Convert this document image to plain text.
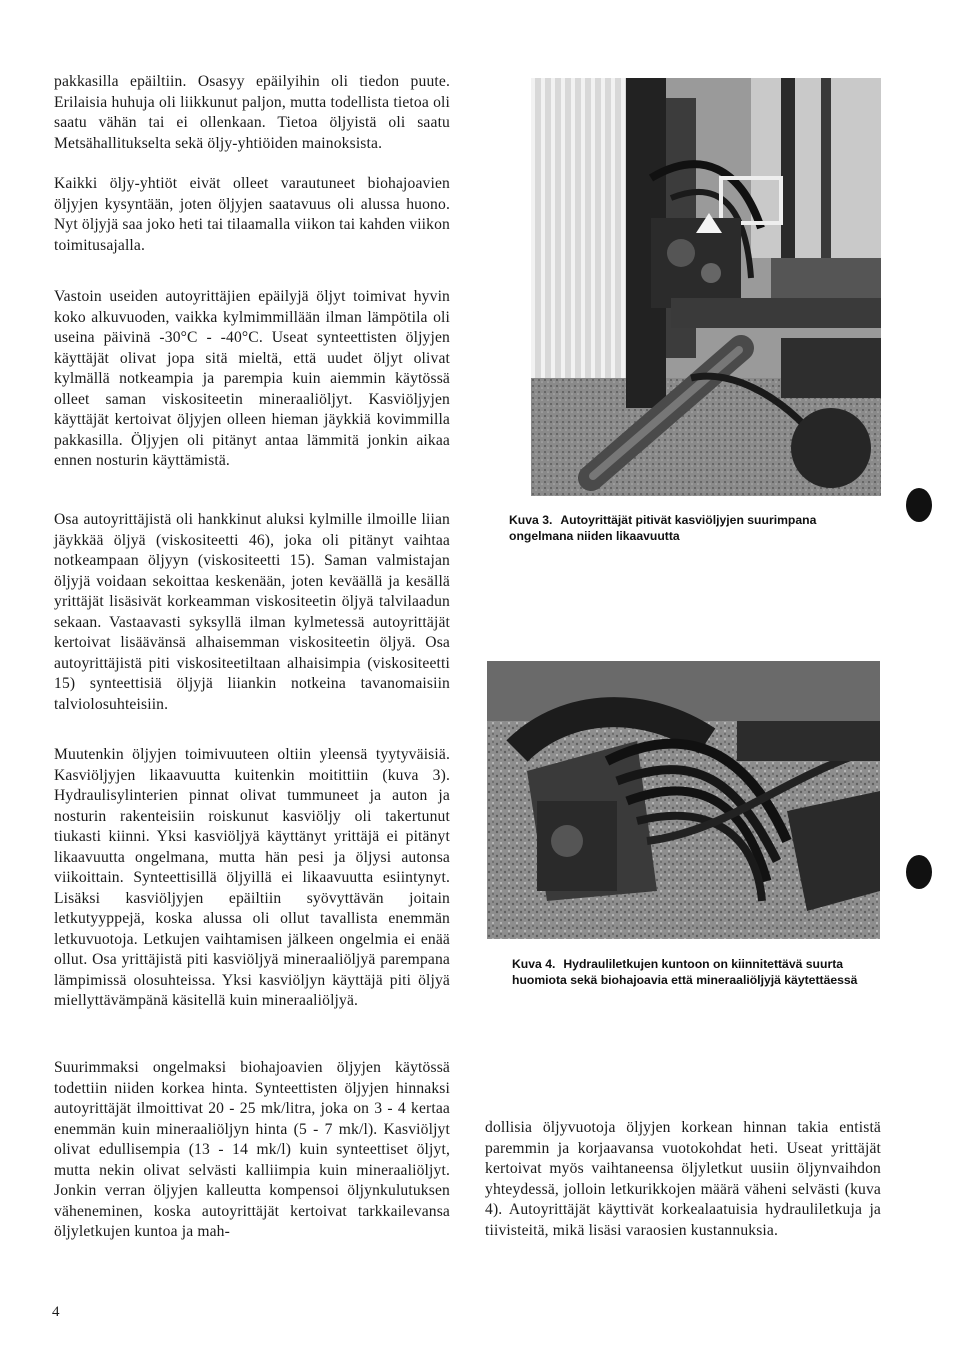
pakkasilla epäiltiin. Osasyy epäilyihin oli tiedon puute. Erilaisia huhuja oli liikkunut paljon, mutta todellista tietoa oli saatu vähän tai ei ollenkaan. Tietoa öljyistä oli saatu Metsähallitukselta sekä öljy-yhtiöiden mainoksista.

Kaikki öljy-yhtiöt eivät olleet varautuneet biohajoavien öljyjen kysyntään, joten öljyjen saatavuus oli alussa huono. Nyt öljyjä saa joko heti tai tilaamalla viikon tai kahden viikon toimitusajalla.

Vastoin useiden autoyrittäjien epäilyjä öljyt toimivat hyvin koko alkuvuoden, vaikka kylmimmillään ilman lämpötila oli useina päivinä -30°C - -40°C. Useat synteettisten öljyjen käyttäjät olivat jopa sitä mieltä, että uudet öljyt olivat kylmällä notkeampia ja parempia kuin aiemmin käytössä olleet saman viskositeetin mineraaliöljyt. Kasviöljyjen käyttäjät kertoivat öljyjen olleen hieman jäykkiä kovimmilla pakkasilla. Öljyjen oli pitänyt antaa lämmitä jonkin aikaa ennen nosturin käyttämistä.

Osa autoyrittäjistä oli hankkinut aluksi kylmille ilmoille liian jäykkää öljyä (viskositeetti 46), joka oli pitänyt vaihtaa notkeampaan öljyyn (viskositeetti 15). Saman valmistajan öljyjä voidaan sekoittaa keskenään, joten keväällä ja kesällä yrittäjät lisäsivät korkeamman viskositeetin öljyä talvilaadun sekaan. Vastaavasti syksyllä ilman kylmetessä autoyrittäjät kertoivat lisäävänsä alhaisemman viskositeetin öljyä. Osa autoyrittäjistä piti viskositeetiltaan alhaisimpia (viskositeetti 15) synteettisiä öljyjä liiankin notkeina tavanomaisiin talviolosuhteisiin.

Muutenkin öljyjen toimivuuteen oltiin yleensä tyytyväisiä. Kasviöljyjen likaavuutta kuitenkin moitittiin (kuva 3). Hydraulisylinterien pinnat olivat tummuneet ja auton ja nosturin rakenteisiin roiskunut kasviöljy oli takertunut tiukasti kiinni. Yksi kasviöljyä käyttänyt yrittäjä ei pitänyt likaavuutta ongelmana, mutta hän pesi ja öljysi autonsa viikoittain. Synteettisillä öljyillä ei likaavuutta esiintynyt. Lisäksi kasviöljyjen epäiltiin syövyttävän joitain letkutyyppejä, koska alussa oli ollut tavallista enemmän letkuvuotoja. Letkujen vaihtamisen jälkeen ongelmia ei enää ollut. Osa yrittäjistä piti kasviöljyä mineraaliöljyä parempana lämpimissä olosuhteissa. Yksi kasviöljyn käyttäjä piti öljyä miellyttävämpänä käsitellä kuin mineraaliöljyä.

Suurimmaksi ongelmaksi biohajoavien öljyjen käytössä todettiin niiden korkea hinta. Synteettisten öljyjen hinnaksi autoyrittäjät ilmoittivat 20 - 25 mk/litra, joka on 3 - 4 kertaa enemmän kuin mineraaliöljyn hinta (5 - 7 mk/l). Kasviöljyt olivat edullisempia (13 - 14 mk/l) kuin synteettiset öljyt, mutta nekin olivat selvästi kalliimpia kuin mineraaliöljyt. Jonkin verran öljyjen kalleutta kompensoi öljynkulutuksen väheneminen, koska autoyrittäjät kertoivat tarkkailevansa öljyletkujen kuntoa ja mah-

Kuva 3. Autoyrittäjät pitivät kasviöljyjen suurimpana ongelmana niiden likaavuutta

Kuva 4. Hydrauliletkujen kuntoon on kiinnitettävä suurta huomiota sekä biohajoavia että mineraaliöljyjä käytettäessä

dollisia öljyvuotoja öljyjen korkean hinnan takia entistä paremmin ja korjaavansa vuotokohdat heti. Useat yrittäjät kertoivat myös vaihtaneensa öljyletkut uusiin öljynvaihdon yhteydessä, jolloin letkurikkojen määrä väheni selvästi (kuva 4). Autoyrittäjät käyttivät korkealaatuisia hydrauliletkuja ja tiivisteitä, mikä lisäsi varaosien kustannuksia.

4
